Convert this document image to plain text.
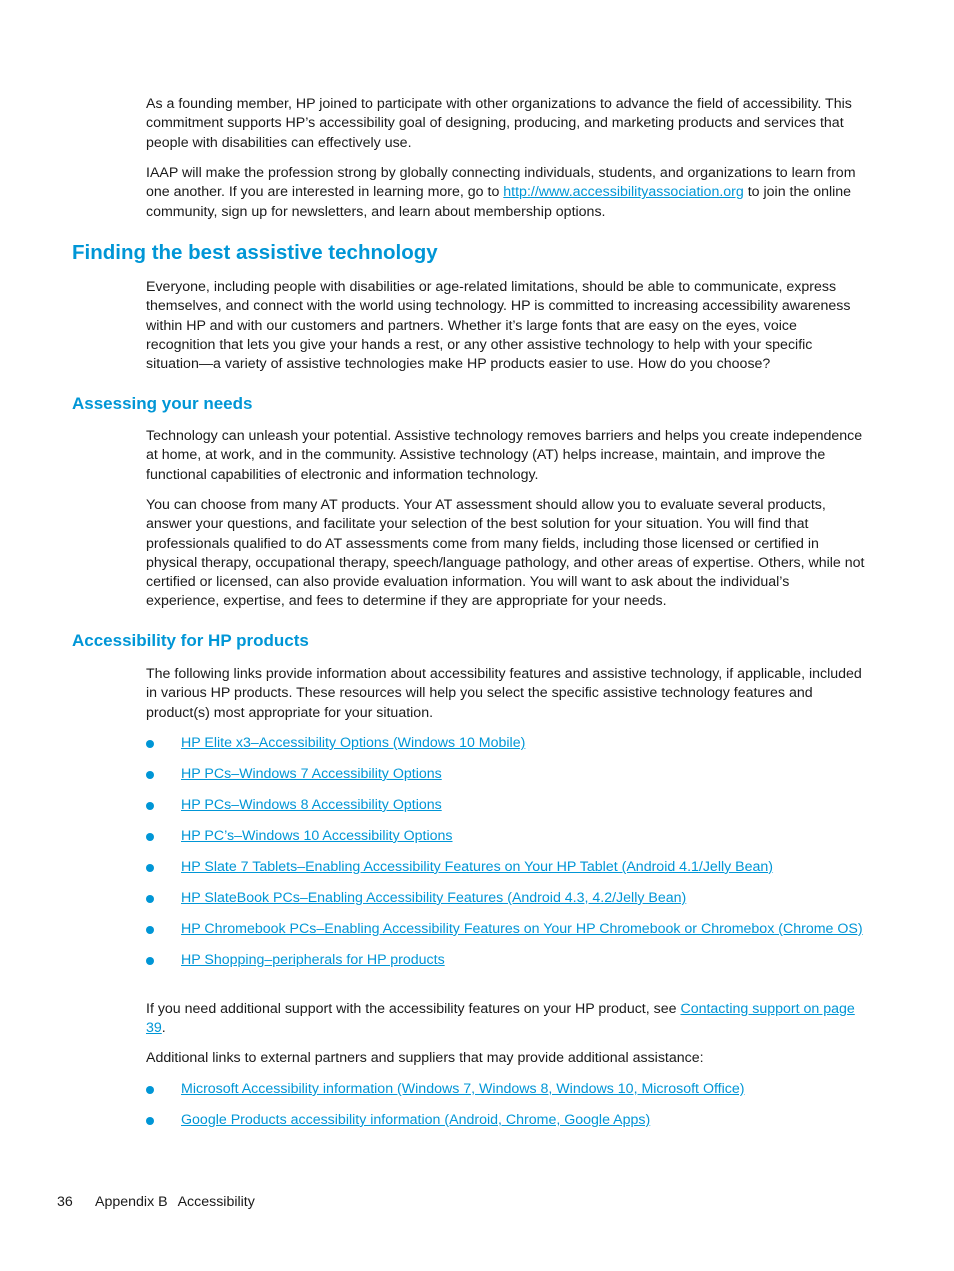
As a founding member, HP joined to participate with other organizations to advance the field of accessibility. This commitment supports HP’s accessibility goal of designing, producing, and marketing products and services that people with disabilities can effectively use.

IAAP will make the profession strong by globally connecting individuals, students, and organizations to learn from one another. If you are interested in learning more, go to http://www.accessibilityassociation.org to join the online community, sign up for newsletters, and learn about membership options.

Finding the best assistive technology

Everyone, including people with disabilities or age-related limitations, should be able to communicate, express themselves, and connect with the world using technology. HP is committed to increasing accessibility awareness within HP and with our customers and partners. Whether it’s large fonts that are easy on the eyes, voice recognition that lets you give your hands a rest, or any other assistive technology to help with your specific situation—a variety of assistive technologies make HP products easier to use. How do you choose?

Assessing your needs

Technology can unleash your potential. Assistive technology removes barriers and helps you create independence at home, at work, and in the community. Assistive technology (AT) helps increase, maintain, and improve the functional capabilities of electronic and information technology.

You can choose from many AT products. Your AT assessment should allow you to evaluate several products, answer your questions, and facilitate your selection of the best solution for your situation. You will find that professionals qualified to do AT assessments come from many fields, including those licensed or certified in physical therapy, occupational therapy, speech/language pathology, and other areas of expertise. Others, while not certified or licensed, can also provide evaluation information. You will want to ask about the individual’s experience, expertise, and fees to determine if they are appropriate for your needs.

Accessibility for HP products

The following links provide information about accessibility features and assistive technology, if applicable, included in various HP products. These resources will help you select the specific assistive technology features and product(s) most appropriate for your situation.

HP Elite x3–Accessibility Options (Windows 10 Mobile)
HP PCs–Windows 7 Accessibility Options
HP PCs–Windows 8 Accessibility Options
HP PC’s–Windows 10 Accessibility Options
HP Slate 7 Tablets–Enabling Accessibility Features on Your HP Tablet (Android 4.1/Jelly Bean)
HP SlateBook PCs–Enabling Accessibility Features (Android 4.3, 4.2/Jelly Bean)
HP Chromebook PCs–Enabling Accessibility Features on Your HP Chromebook or Chromebox (Chrome OS)
HP Shopping–peripherals for HP products

If you need additional support with the accessibility features on your HP product, see Contacting support on page 39.

Additional links to external partners and suppliers that may provide additional assistance:

Microsoft Accessibility information (Windows 7, Windows 8, Windows 10, Microsoft Office)
Google Products accessibility information (Android, Chrome, Google Apps)
36 Appendix B Accessibility
